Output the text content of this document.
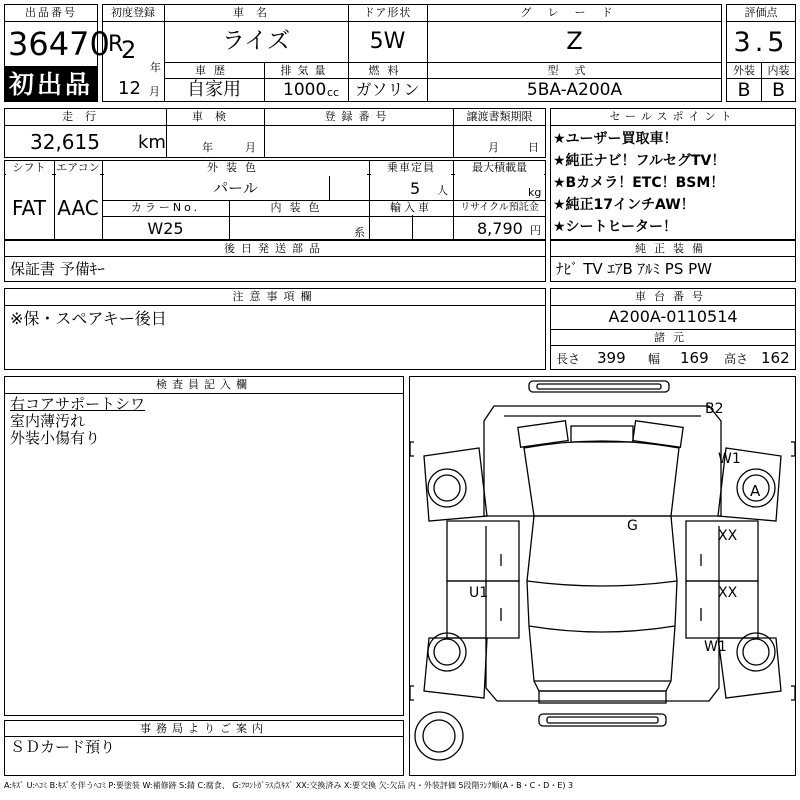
出品番号
36470
初出品
初度登録
R
2
年
12 月
車名
ライズ
車歴
自家用
排気量
1000 cc
ドア形状
5W
燃料
ガソリン
グレード
Z
型式
5BA-A200A
評価点
3.5
外装	内装
B	B
走行
32,615 km
車検
年	月
登録番号	譲渡書類期限
月	日
シフト
FAT
エアコン
AAC
外装色
パール
カラーNo.
W25
内装色
系
乗車定員
5 人
輸入車
最大積載量
kg
リサイクル預託金
8,790 円
セールスポイント
★ユーザー買取車！
★純正ナビ！フルセグTV！
★Bカメラ！ETC！BSM！
★純正17インチAW！
★シートヒーター！
後日発送部品
保証書 予備ｷｰ
純正装備
ﾅﾋﾞ TV ｴｱB ｱﾙﾐ PS PW
注意事項欄
※保・スペアキー後日
車台番号
A200A-0110514
諸元
長さ 399 幅 169 高さ 162
検査員記入欄
右コアサポートシワ
室内薄汚れ
外装小傷有り
事務局よりご案内
ＳＤカード預り
B2
W1
A
G
XX
U1	XX
W1
A:ｷｽﾞ U:ﾍｺﾐ B:ｷｽﾞを伴うﾍｺﾐ P:要塗装 W:補修跡 S:錆 C:腐食、 G:ﾌﾛﾝﾄｶﾞﾗｽ点ｷｽﾞ XX:交換済み X:要交換 欠:欠品 内・外装評価 5段階ﾗﾝｸ順(A・B・C・D・E) 3
